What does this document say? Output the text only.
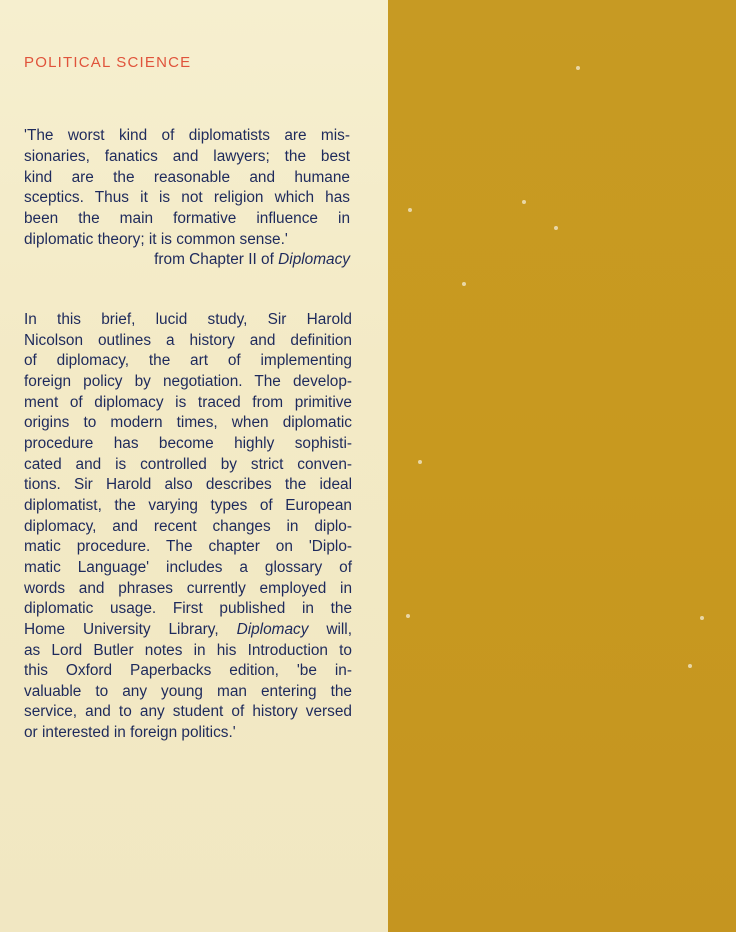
POLITICAL SCIENCE
'The worst kind of diplomatists are mis-
sionaries, fanatics and lawyers; the best
kind are the reasonable and humane
sceptics. Thus it is not religion which has
been the main formative influence in
diplomatic theory; it is common sense.'
from Chapter II of Diplomacy
In this brief, lucid study, Sir Harold
Nicolson outlines a history and definition
of diplomacy, the art of implementing
foreign policy by negotiation. The develop-
ment of diplomacy is traced from primitive
origins to modern times, when diplomatic
procedure has become highly sophisti-
cated and is controlled by strict conven-
tions. Sir Harold also describes the ideal
diplomatist, the varying types of European
diplomacy, and recent changes in diplo-
matic procedure. The chapter on 'Diplo-
matic Language' includes a glossary of
words and phrases currently employed in
diplomatic usage. First published in the
Home University Library, Diplomacy will,
as Lord Butler notes in his Introduction to
this Oxford Paperbacks edition, 'be in-
valuable to any young man entering the
service, and to any student of history versed
or interested in foreign politics.'
